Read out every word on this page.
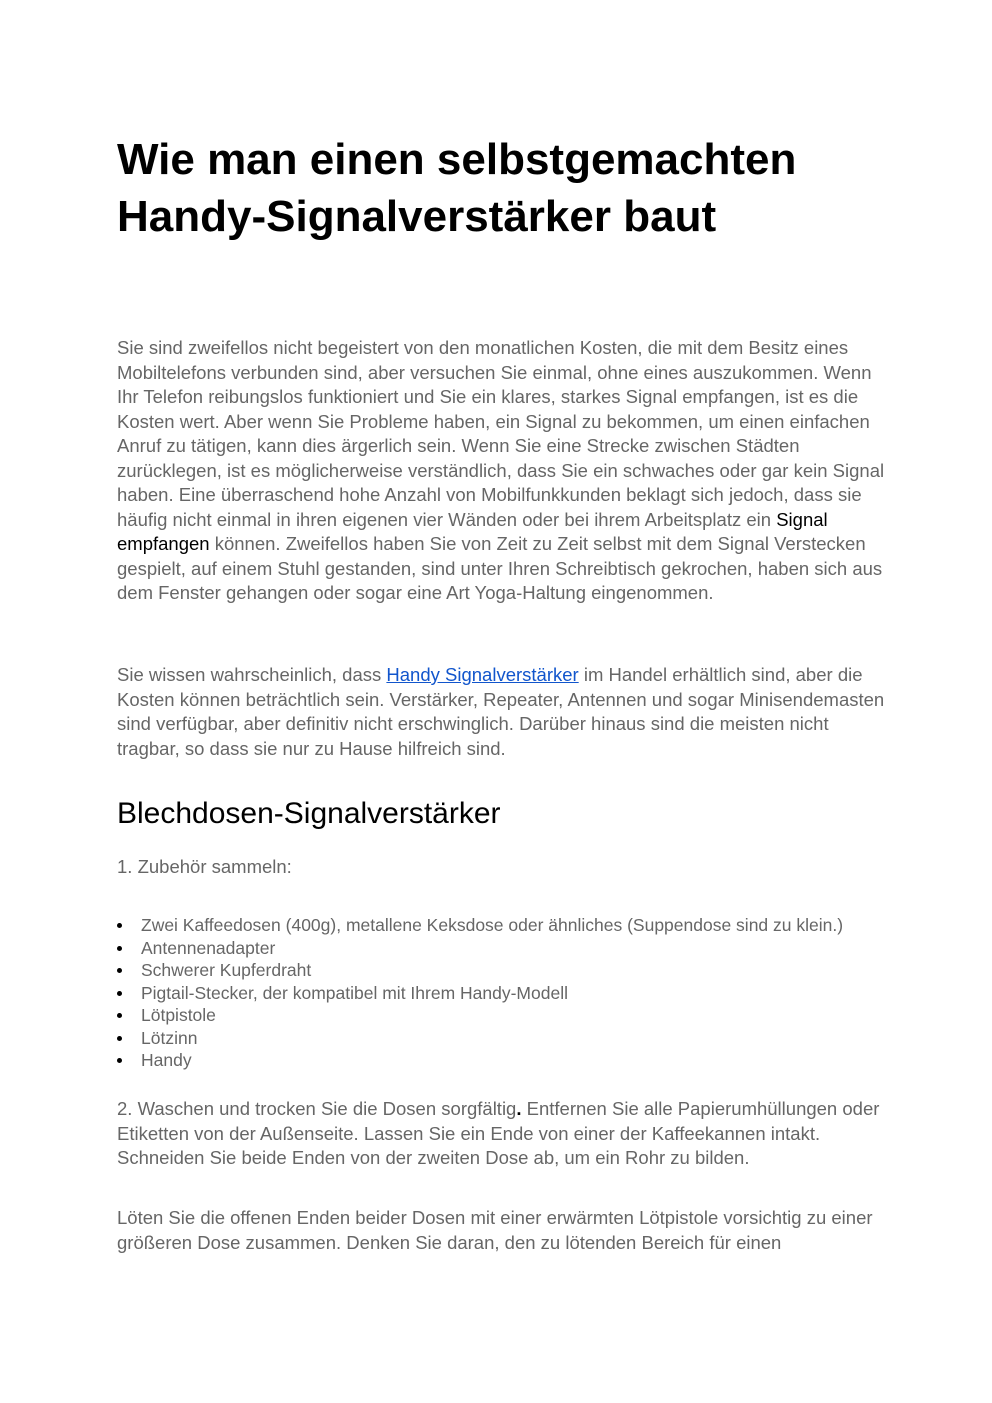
Wie man einen selbstgemachten
Handy-Signalverstärker baut

Sie sind zweifellos nicht begeistert von den monatlichen Kosten, die mit dem Besitz eines Mobiltelefons verbunden sind, aber versuchen Sie einmal, ohne eines auszukommen. Wenn Ihr Telefon reibungslos funktioniert und Sie ein klares, starkes Signal empfangen, ist es die Kosten wert. Aber wenn Sie Probleme haben, ein Signal zu bekommen, um einen einfachen Anruf zu tätigen, kann dies ärgerlich sein. Wenn Sie eine Strecke zwischen Städten zurücklegen, ist es möglicherweise verständlich, dass Sie ein schwaches oder gar kein Signal haben. Eine überraschend hohe Anzahl von Mobilfunkkunden beklagt sich jedoch, dass sie häufig nicht einmal in ihren eigenen vier Wänden oder bei ihrem Arbeitsplatz ein Signal empfangen können. Zweifellos haben Sie von Zeit zu Zeit selbst mit dem Signal Verstecken gespielt, auf einem Stuhl gestanden, sind unter Ihren Schreibtisch gekrochen, haben sich aus dem Fenster gehangen oder sogar eine Art Yoga-Haltung eingenommen.

Sie wissen wahrscheinlich, dass Handy Signalverstärker im Handel erhältlich sind, aber die Kosten können beträchtlich sein. Verstärker, Repeater, Antennen und sogar Minisendemasten sind verfügbar, aber definitiv nicht erschwinglich. Darüber hinaus sind die meisten nicht tragbar, so dass sie nur zu Hause hilfreich sind.

Blechdosen-Signalverstärker

1. Zubehör sammeln:

Zwei Kaffeedosen (400g), metallene Keksdose oder ähnliches (Suppendose sind zu klein.)
Antennenadapter
Schwerer Kupferdraht
Pigtail-Stecker, der kompatibel mit Ihrem Handy-Modell
Lötpistole
Lötzinn
Handy

2. Waschen und trocken Sie die Dosen sorgfältig. Entfernen Sie alle Papierumhüllungen oder Etiketten von der Außenseite. Lassen Sie ein Ende von einer der Kaffeekannen intakt. Schneiden Sie beide Enden von der zweiten Dose ab, um ein Rohr zu bilden.

Löten Sie die offenen Enden beider Dosen mit einer erwärmten Lötpistole vorsichtig zu einer größeren Dose zusammen. Denken Sie daran, den zu lötenden Bereich für einen
